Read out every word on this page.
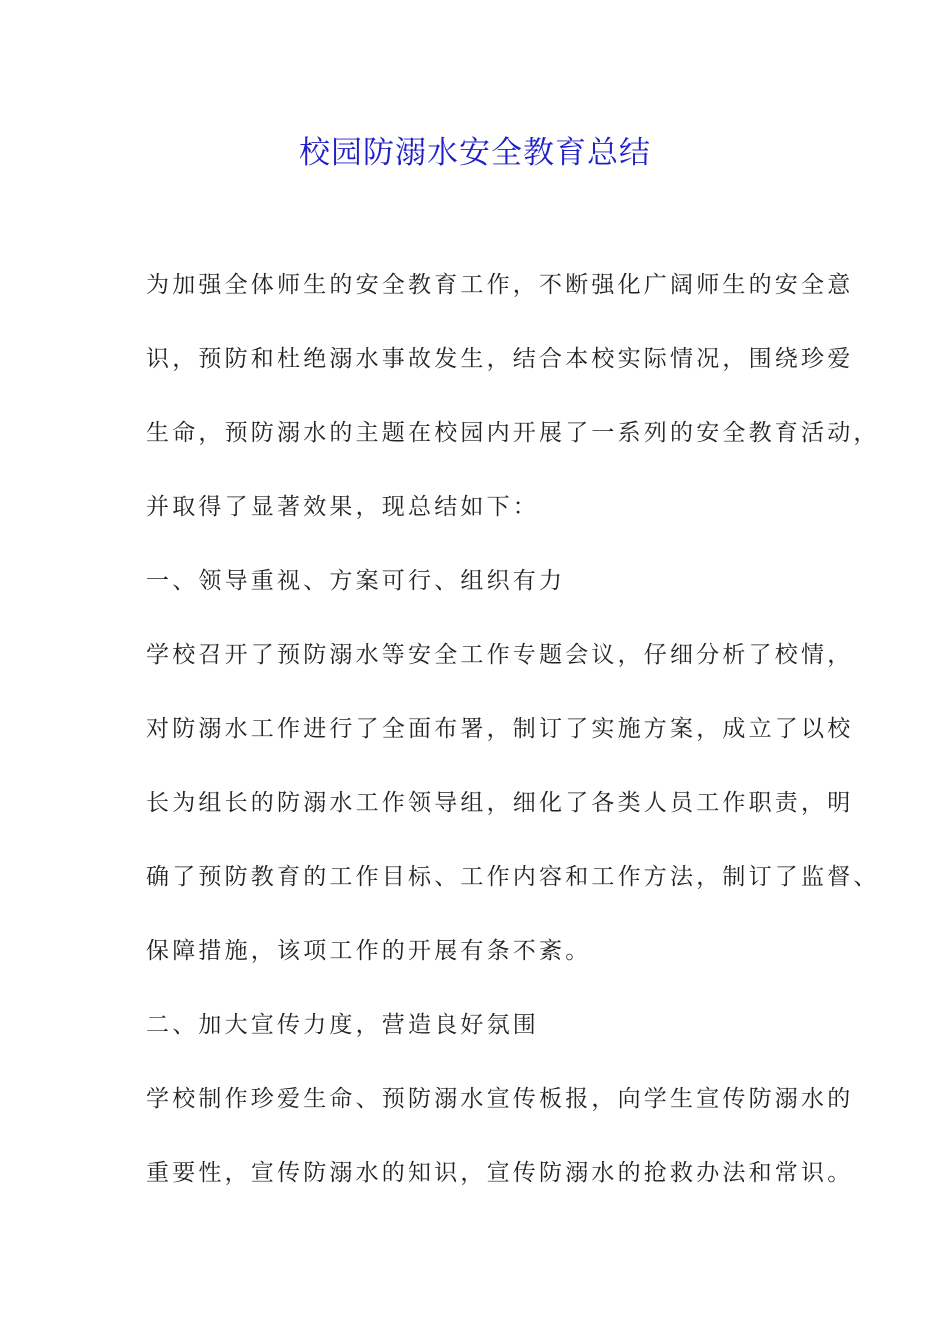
校园防溺水安全教育总结
为加强全体师生的安全教育工作，不断强化广阔师生的安全意
识，预防和杜绝溺水事故发生，结合本校实际情况，围绕珍爱
生命，预防溺水的主题在校园内开展了一系列的安全教育活动，
并取得了显著效果，现总结如下：
一、领导重视、方案可行、组织有力
学校召开了预防溺水等安全工作专题会议，仔细分析了校情，
对防溺水工作进行了全面布署，制订了实施方案，成立了以校
长为组长的防溺水工作领导组，细化了各类人员工作职责，明
确了预防教育的工作目标、工作内容和工作方法，制订了监督、
保障措施，该项工作的开展有条不紊。
二、加大宣传力度，营造良好氛围
学校制作珍爱生命、预防溺水宣传板报，向学生宣传防溺水的
重要性，宣传防溺水的知识，宣传防溺水的抢救办法和常识。
